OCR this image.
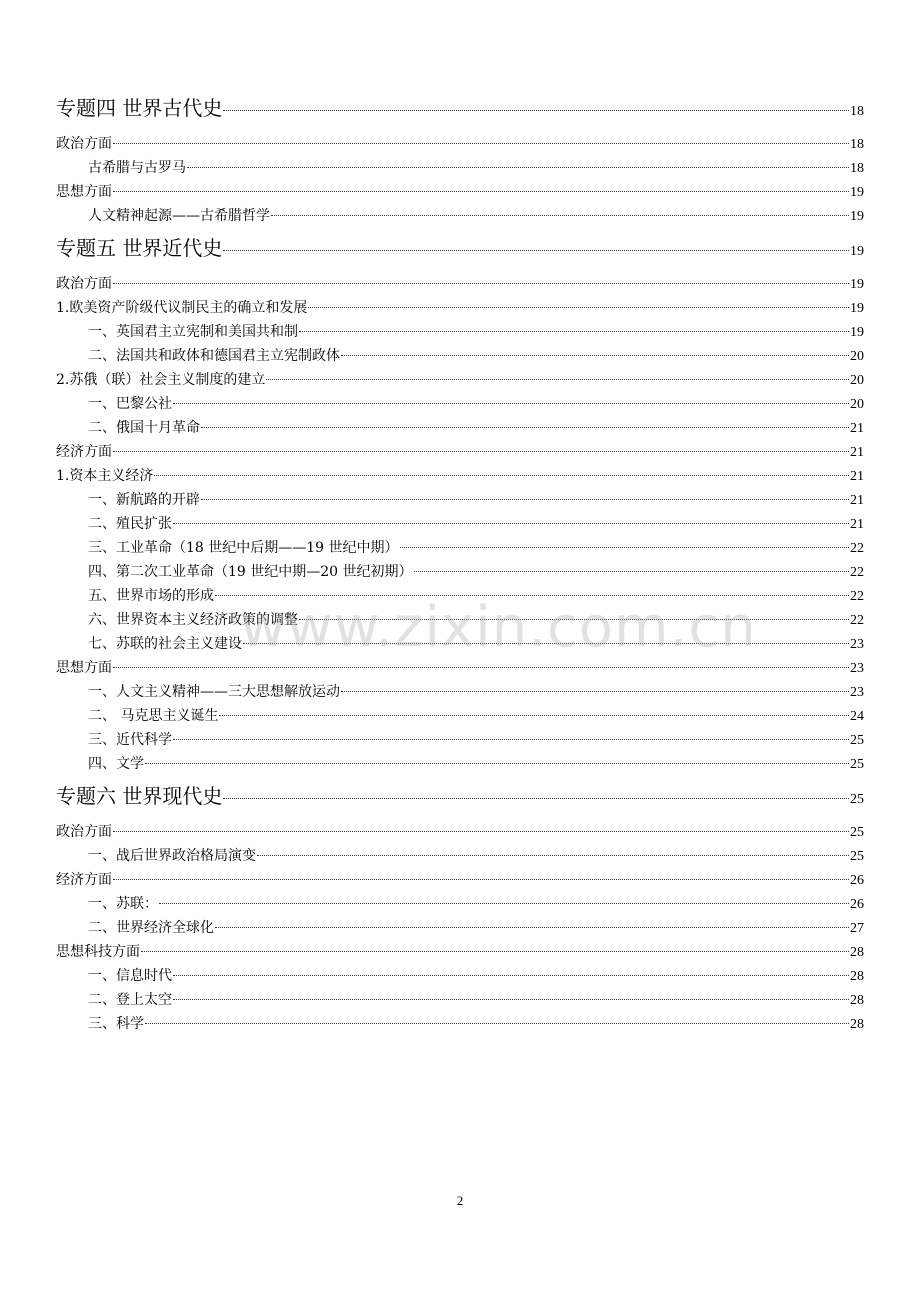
专题四 世界古代史	18
政治方面	18
古希腊与古罗马	18
思想方面	19
人文精神起源——古希腊哲学	19
专题五 世界近代史	19
政治方面	19
1.欧美资产阶级代议制民主的确立和发展	19
一、英国君主立宪制和美国共和制	19
二、法国共和政体和德国君主立宪制政体	20
2.苏俄（联）社会主义制度的建立	20
一、巴黎公社	20
二、俄国十月革命	21
经济方面	21
1.资本主义经济	21
一、新航路的开辟	21
二、殖民扩张	21
三、工业革命（18 世纪中后期——19 世纪中期）	22
四、第二次工业革命（19 世纪中期—20 世纪初期）	22
五、世界市场的形成	22
六、世界资本主义经济政策的调整	22
七、苏联的社会主义建设	23
思想方面	23
一、人文主义精神——三大思想解放运动	23
二、 马克思主义诞生	24
三、近代科学	25
四、文学	25
专题六 世界现代史	25
政治方面	25
一、战后世界政治格局演变	25
经济方面	26
一、苏联：	26
二、世界经济全球化	27
思想科技方面	28
一、信息时代	28
二、登上太空	28
三、科学	28
www.zixin.com.cn
2
